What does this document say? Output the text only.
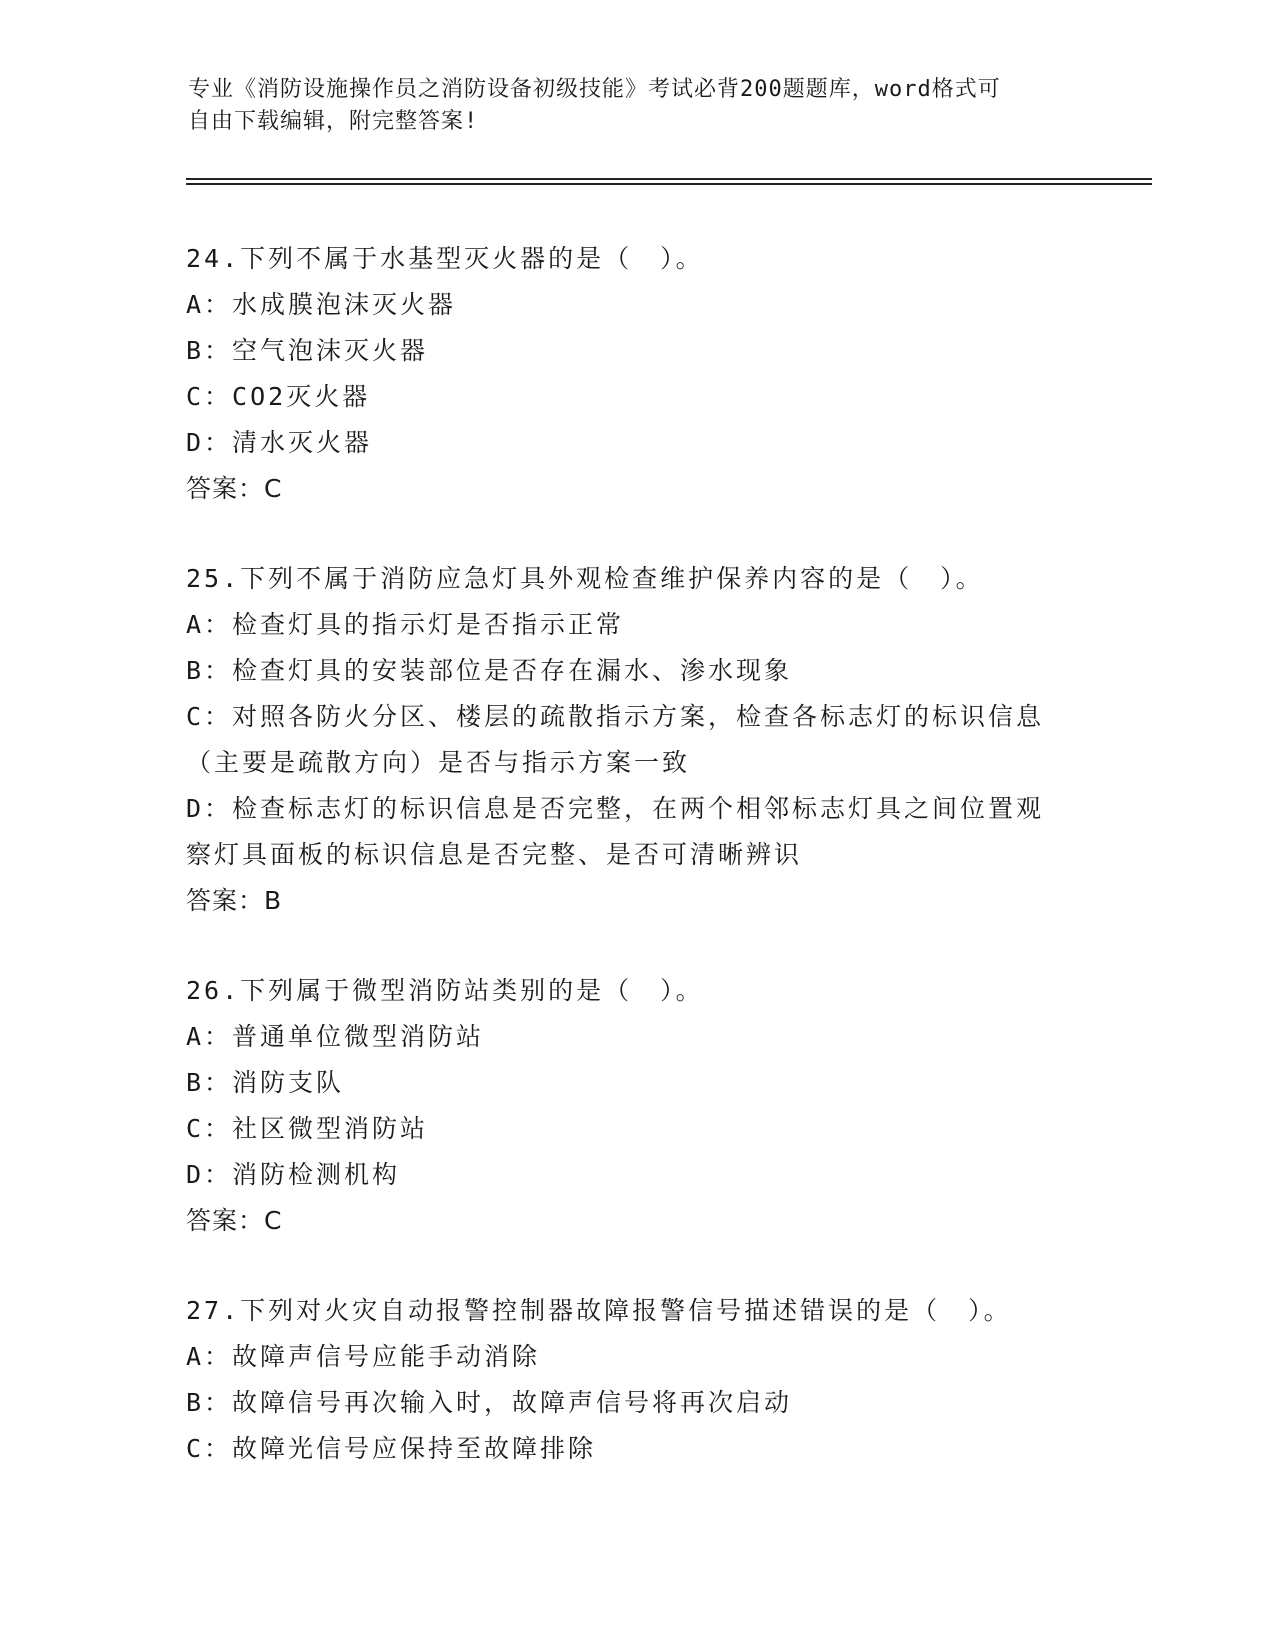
专业《消防设施操作员之消防设备初级技能》考试必背200题题库，word格式可
自由下载编辑，附完整答案!
24.下列不属于水基型灭火器的是（　）。
A：水成膜泡沫灭火器
B：空气泡沫灭火器
C：CO2灭火器
D：清水灭火器
答案：C
25.下列不属于消防应急灯具外观检查维护保养内容的是（　）。
A：检查灯具的指示灯是否指示正常
B：检查灯具的安装部位是否存在漏水、渗水现象
C：对照各防火分区、楼层的疏散指示方案，检查各标志灯的标识信息
（主要是疏散方向）是否与指示方案一致
D：检查标志灯的标识信息是否完整，在两个相邻标志灯具之间位置观
察灯具面板的标识信息是否完整、是否可清晰辨识
答案：B
26.下列属于微型消防站类别的是（　）。
A：普通单位微型消防站
B：消防支队
C：社区微型消防站
D：消防检测机构
答案：C
27.下列对火灾自动报警控制器故障报警信号描述错误的是（　）。
A：故障声信号应能手动消除
B：故障信号再次输入时，故障声信号将再次启动
C：故障光信号应保持至故障排除
